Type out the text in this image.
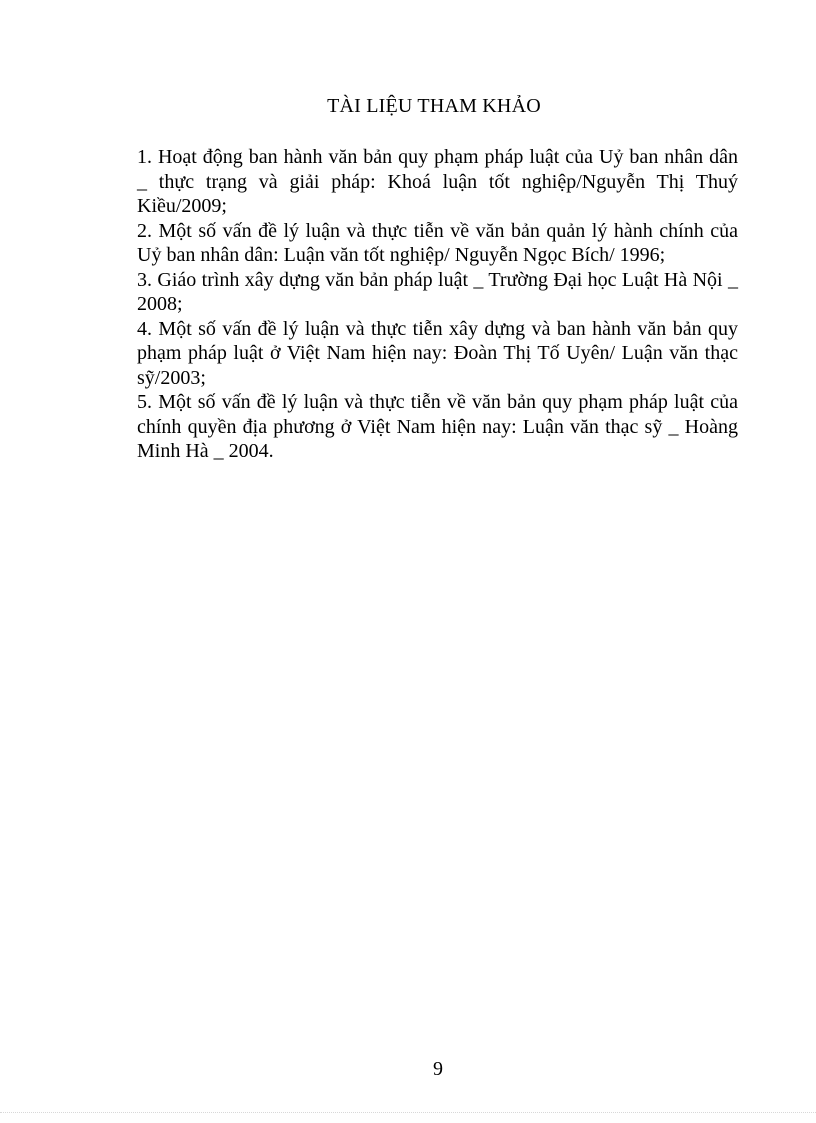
TÀI LIỆU THAM KHẢO
1. Hoạt động ban hành văn bản quy phạm pháp luật của Uỷ ban nhân dân _ thực trạng và giải pháp: Khoá luận tốt nghiệp/Nguyễn Thị Thuý Kiều/2009;
2. Một số vấn đề lý luận và thực tiễn về văn bản quản lý hành chính của Uỷ ban nhân dân: Luận văn tốt nghiệp/ Nguyễn Ngọc Bích/ 1996;
3. Giáo trình xây dựng văn bản pháp luật _ Trường Đại học Luật Hà Nội _ 2008;
4. Một số vấn đề lý luận và thực tiễn xây dựng và ban hành văn bản quy phạm pháp luật ở Việt Nam hiện nay: Đoàn Thị Tố Uyên/ Luận văn thạc sỹ/2003;
5. Một số vấn đề lý luận và thực tiễn về văn bản quy phạm pháp luật của chính quyền địa phương ở Việt Nam hiện nay: Luận văn thạc sỹ _ Hoàng Minh Hà _ 2004.
9
